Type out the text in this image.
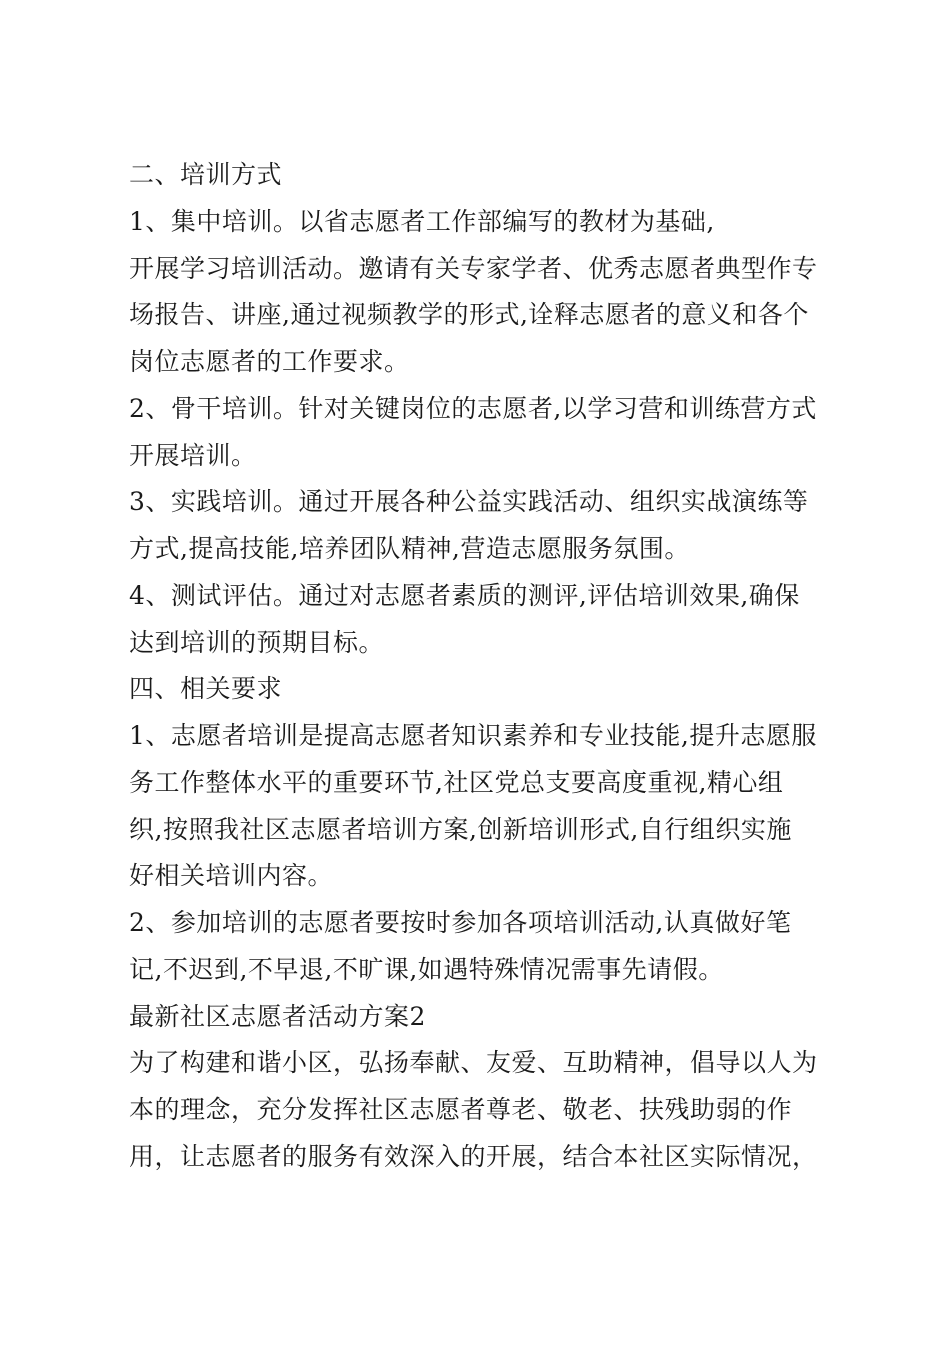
二、培训方式
1、集中培训。以省志愿者工作部编写的教材为基础,
开展学习培训活动。邀请有关专家学者、优秀志愿者典型作专
场报告、讲座,通过视频教学的形式,诠释志愿者的意义和各个
岗位志愿者的工作要求。
2、骨干培训。针对关键岗位的志愿者,以学习营和训练营方式
开展培训。
3、实践培训。通过开展各种公益实践活动、组织实战演练等
方式,提高技能,培养团队精神,营造志愿服务氛围。
4、测试评估。通过对志愿者素质的测评,评估培训效果,确保
达到培训的预期目标。
四、相关要求
1、志愿者培训是提高志愿者知识素养和专业技能,提升志愿服
务工作整体水平的重要环节,社区党总支要高度重视,精心组
织,按照我社区志愿者培训方案,创新培训形式,自行组织实施
好相关培训内容。
2、参加培训的志愿者要按时参加各项培训活动,认真做好笔
记,不迟到,不早退,不旷课,如遇特殊情况需事先请假。
最新社区志愿者活动方案2
为了构建和谐小区，弘扬奉献、友爱、互助精神，倡导以人为
本的理念，充分发挥社区志愿者尊老、敬老、扶残助弱的作
用，让志愿者的服务有效深入的开展，结合本社区实际情况，
